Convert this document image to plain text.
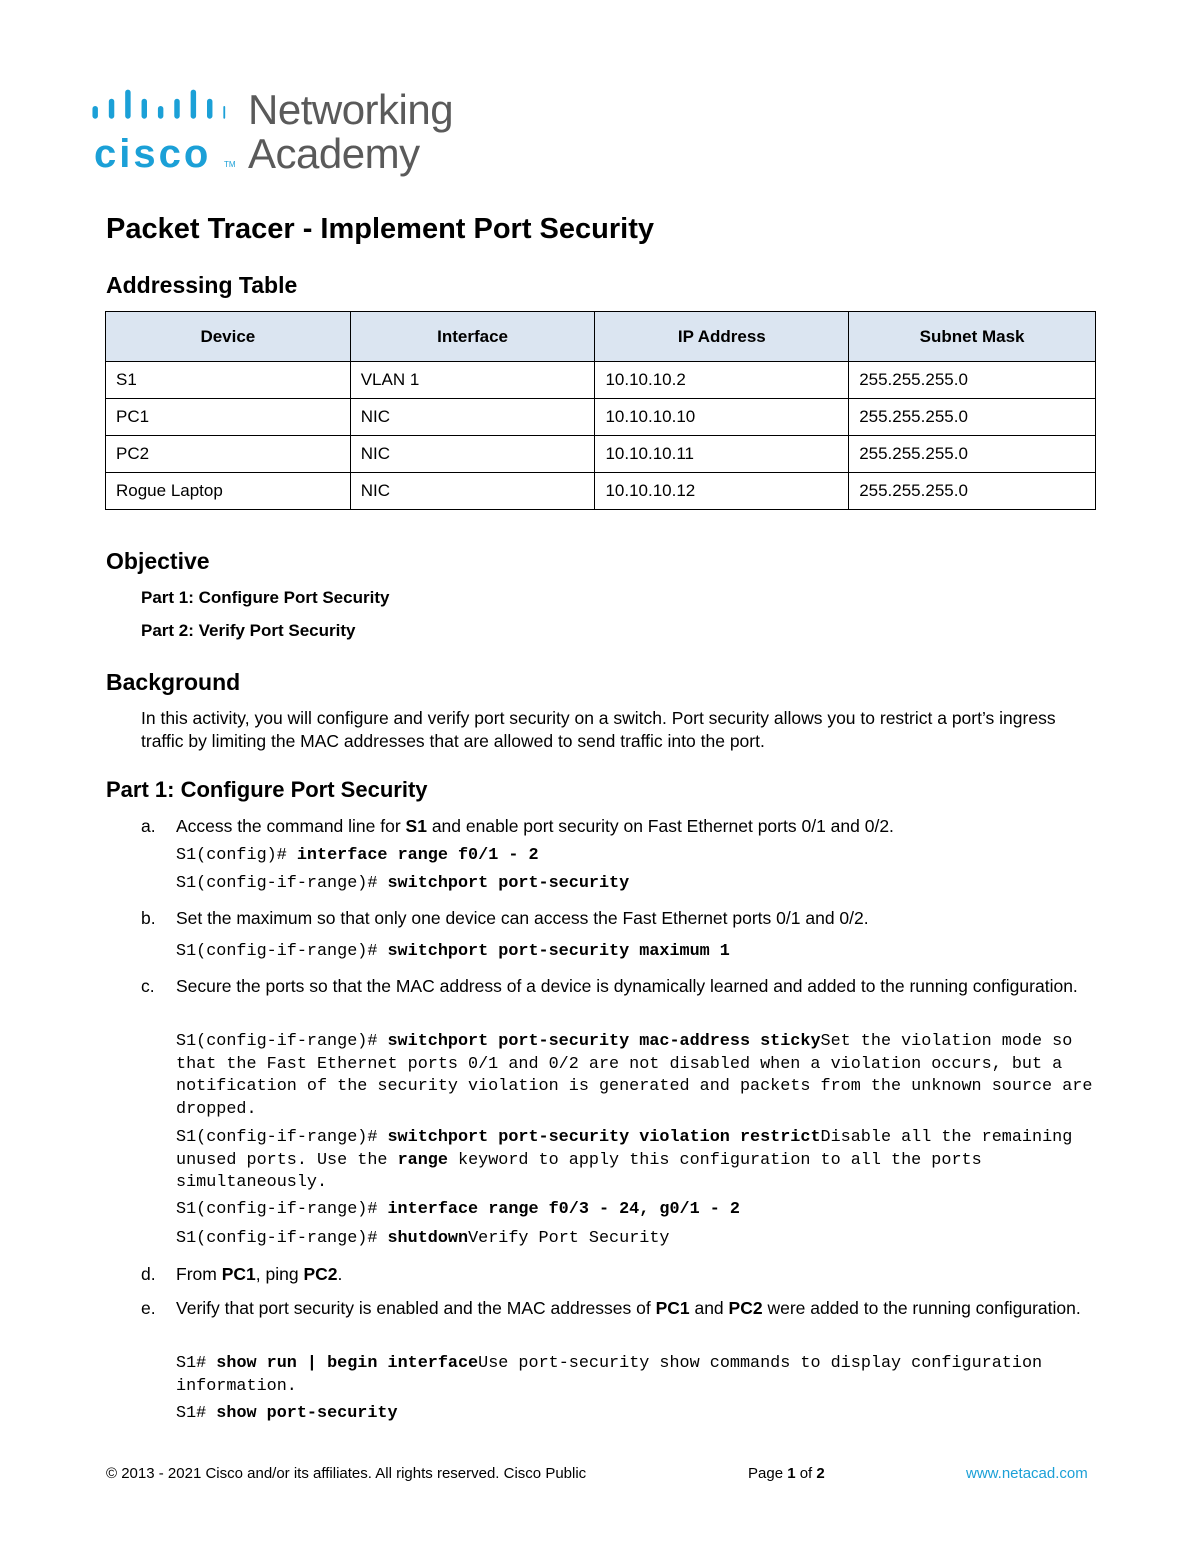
cisco TM
Networking
Academy
Packet Tracer - Implement Port Security
Addressing Table
Device	Interface	IP Address	Subnet Mask
S1	VLAN 1	10.10.10.2	255.255.255.0
PC1	NIC	10.10.10.10	255.255.255.0
PC2	NIC	10.10.10.11	255.255.255.0
Rogue Laptop	NIC	10.10.10.12	255.255.255.0
Objective
Part 1: Configure Port Security
Part 2: Verify Port Security
Background
In this activity, you will configure and verify port security on a switch. Port security allows you to restrict a port’s ingress traffic by limiting the MAC addresses that are allowed to send traffic into the port.
Part 1: Configure Port Security
a. Access the command line for S1 and enable port security on Fast Ethernet ports 0/1 and 0/2.
S1(config)# interface range f0/1 - 2
S1(config-if-range)# switchport port-security
b. Set the maximum so that only one device can access the Fast Ethernet ports 0/1 and 0/2.
S1(config-if-range)# switchport port-security maximum 1
c. Secure the ports so that the MAC address of a device is dynamically learned and added to the running configuration.
S1(config-if-range)# switchport port-security mac-address stickySet the violation mode so that the Fast Ethernet ports 0/1 and 0/2 are not disabled when a violation occurs, but a notification of the security violation is generated and packets from the unknown source are dropped.
S1(config-if-range)# switchport port-security violation restrictDisable all the remaining unused ports. Use the range keyword to apply this configuration to all the ports simultaneously.
S1(config-if-range)# interface range f0/3 - 24, g0/1 - 2
S1(config-if-range)# shutdownVerify Port Security
d. From PC1, ping PC2.
e. Verify that port security is enabled and the MAC addresses of PC1 and PC2 were added to the running configuration.
S1# show run | begin interfaceUse port-security show commands to display configuration information.
S1# show port-security
© 2013 - 2021 Cisco and/or its affiliates. All rights reserved. Cisco Public	Page 1 of 2	www.netacad.com
